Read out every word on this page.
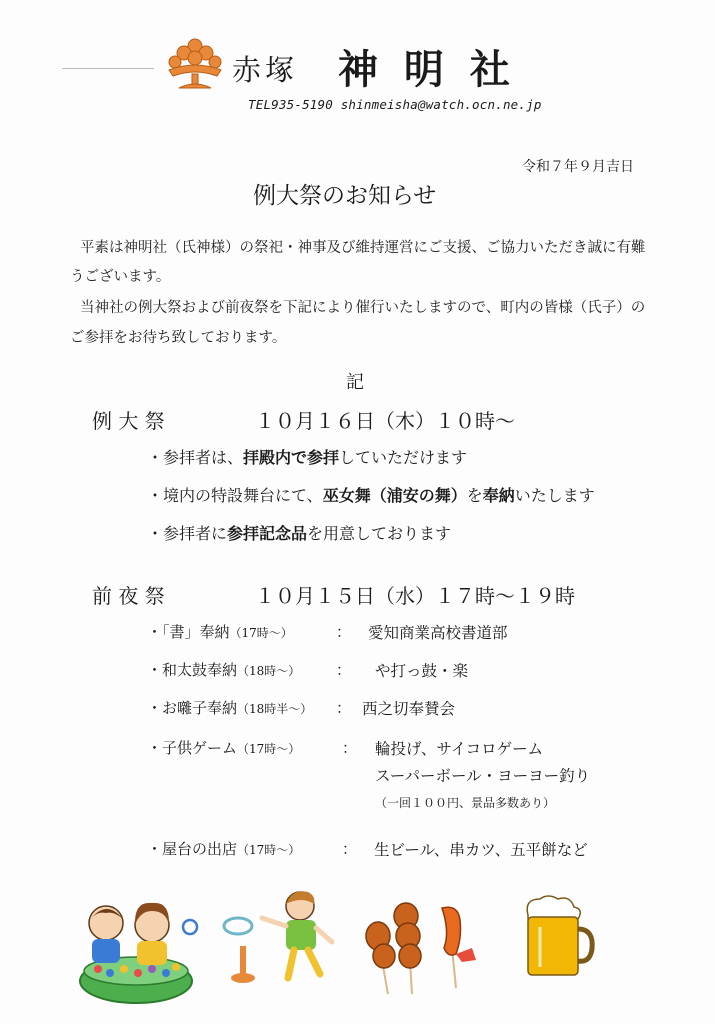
赤塚 神 明 社
TEL935-5190 shinmeisha@watch.ocn.ne.jp
令和７年９月吉日
例大祭のお知らせ
平素は神明社（氏神様）の祭祀・神事及び維持運営にご支援、ご協力いただき誠に有難
うございます。
当神社の例大祭および前夜祭を下記により催行いたしますので、町内の皆様（氏子）の
ご参拝をお待ち致しております。
記
例 大 祭	１０月１６日（木）１０時～
・参拝者は、拝殿内で参拝していただけます
・境内の特設舞台にて、巫女舞（浦安の舞）を奉納いたします
・参拝者に参拝記念品を用意しております
前 夜 祭	１０月１５日（水）１７時～１９時
・「書」奉納（17時～）	： 愛知商業高校書道部
・和太鼓奉納（18時～） ： や打っ鼓・楽
・お囃子奉納（18時半～） ： 西之切奉賛会
・子供ゲーム（17時～）	： 輪投げ、サイコロゲーム
スーパーボール・ヨーヨー釣り
（一回１００円、景品多数あり）
・屋台の出店（17時～）	： 生ビール、串カツ、五平餅など
